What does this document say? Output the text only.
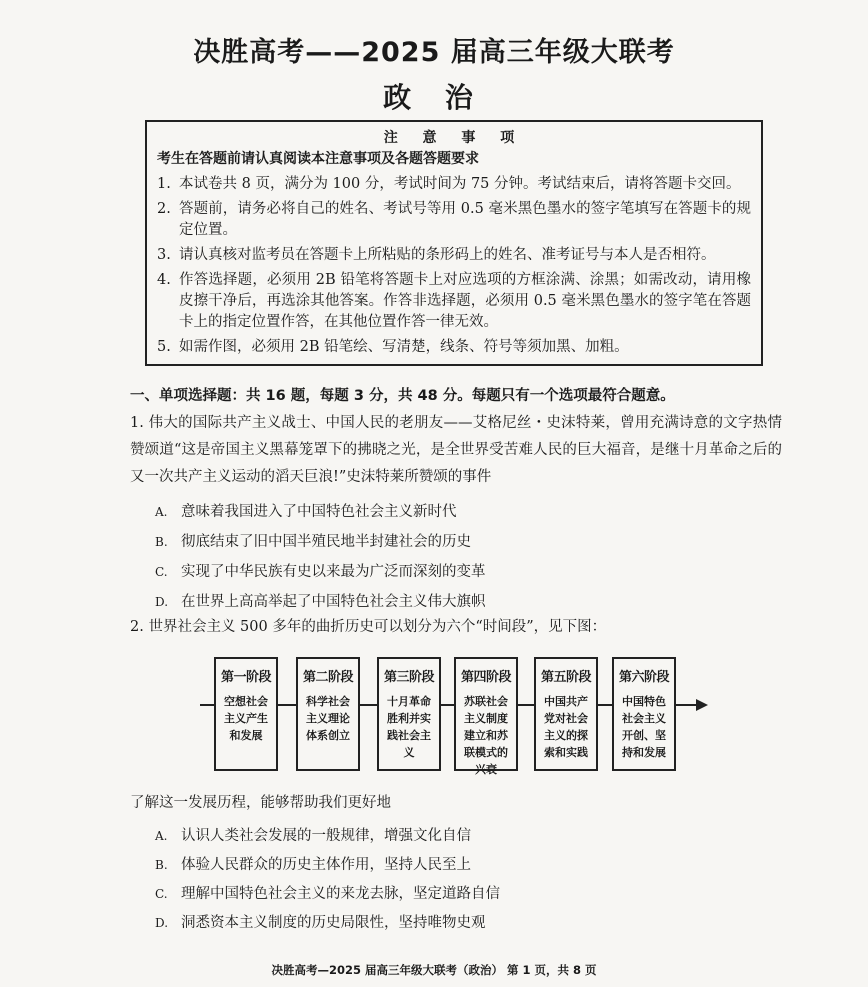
决胜高考——2025 届高三年级大联考
政 治
注 意 事 项
考生在答题前请认真阅读本注意事项及各题答题要求
1. 本试卷共 8 页，满分为 100 分，考试时间为 75 分钟。考试结束后，请将答题卡交回。
2. 答题前，请务必将自己的姓名、考试号等用 0.5 毫米黑色墨水的签字笔填写在答题卡的规定位置。
3. 请认真核对监考员在答题卡上所粘贴的条形码上的姓名、准考证号与本人是否相符。
4. 作答选择题，必须用 2B 铅笔将答题卡上对应选项的方框涂满、涂黑；如需改动，请用橡皮擦干净后，再选涂其他答案。作答非选择题，必须用 0.5 毫米黑色墨水的签字笔在答题卡上的指定位置作答，在其他位置作答一律无效。
5. 如需作图，必须用 2B 铅笔绘、写清楚，线条、符号等须加黑、加粗。
一、单项选择题：共 16 题，每题 3 分，共 48 分。每题只有一个选项最符合题意。
1. 伟大的国际共产主义战士、中国人民的老朋友——艾格尼丝・史沫特莱，曾用充满诗意的文字热情赞颂道“这是帝国主义黑幕笼罩下的拂晓之光，是全世界受苦难人民的巨大福音，是继十月革命之后的又一次共产主义运动的滔天巨浪!”史沫特莱所赞颂的事件
A. 意味着我国进入了中国特色社会主义新时代
B. 彻底结束了旧中国半殖民地半封建社会的历史
C. 实现了中华民族有史以来最为广泛而深刻的变革
D. 在世界上高高举起了中国特色社会主义伟大旗帜
2. 世界社会主义 500 多年的曲折历史可以划分为六个“时间段”，见下图：
第一阶段
空想社会主义产生和发展
第二阶段
科学社会主义理论体系创立
第三阶段
十月革命胜利并实践社会主义
第四阶段
苏联社会主义制度建立和苏联模式的兴衰
第五阶段
中国共产党对社会主义的探索和实践
第六阶段
中国特色社会主义开创、坚持和发展
了解这一发展历程，能够帮助我们更好地
A. 认识人类社会发展的一般规律，增强文化自信
B. 体验人民群众的历史主体作用，坚持人民至上
C. 理解中国特色社会主义的来龙去脉，坚定道路自信
D. 洞悉资本主义制度的历史局限性，坚持唯物史观
决胜高考—2025 届高三年级大联考（政治） 第 1 页，共 8 页
